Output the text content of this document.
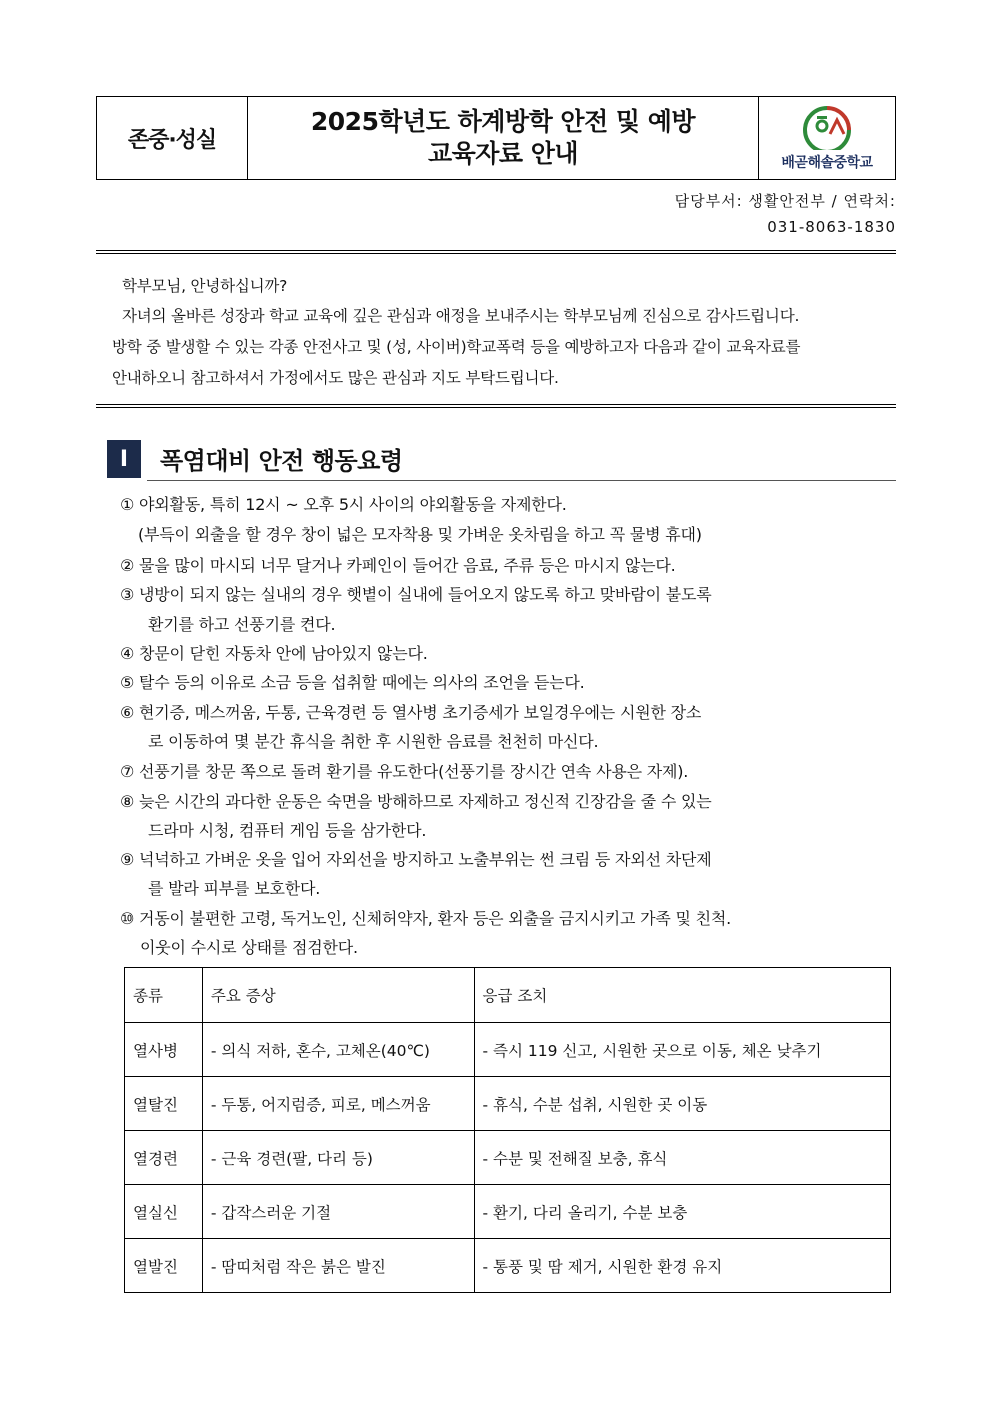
존중·성실
2025학년도 하계방학 안전 및 예방
교육자료 안내	배곧해솔중학교
담당부서: 생활안전부 / 연락처:
031-8063-1830
학부모님, 안녕하십니까?
자녀의 올바른 성장과 학교 교육에 깊은 관심과 애정을 보내주시는 학부모님께 진심으로 감사드립니다.
방학 중 발생할 수 있는 각종 안전사고 및 (성, 사이버)학교폭력 등을 예방하고자 다음과 같이 교육자료를
안내하오니 참고하셔서 가정에서도 많은 관심과 지도 부탁드립니다.
Ⅰ	폭염대비 안전 행동요령
① 야외활동, 특히 12시 ~ 오후 5시 사이의 야외활동을 자제한다.
(부득이 외출을 할 경우 창이 넓은 모자착용 및 가벼운 옷차림을 하고 꼭 물병 휴대)
② 물을 많이 마시되 너무 달거나 카페인이 들어간 음료, 주류 등은 마시지 않는다.
③ 냉방이 되지 않는 실내의 경우 햇볕이 실내에 들어오지 않도록 하고 맞바람이 불도록
환기를 하고 선풍기를 켠다.
④ 창문이 닫힌 자동차 안에 남아있지 않는다.
⑤ 탈수 등의 이유로 소금 등을 섭취할 때에는 의사의 조언을 듣는다.
⑥ 현기증, 메스꺼움, 두통, 근육경련 등 열사병 초기증세가 보일경우에는 시원한 장소
로 이동하여 몇 분간 휴식을 취한 후 시원한 음료를 천천히 마신다.
⑦ 선풍기를 창문 쪽으로 돌려 환기를 유도한다(선풍기를 장시간 연속 사용은 자제).
⑧ 늦은 시간의 과다한 운동은 숙면을 방해하므로 자제하고 정신적 긴장감을 줄 수 있는
드라마 시청, 컴퓨터 게임 등을 삼가한다.
⑨ 넉넉하고 가벼운 옷을 입어 자외선을 방지하고 노출부위는 썬 크림 등 자외선 차단제
를 발라 피부를 보호한다.
⑩ 거동이 불편한 고령, 독거노인, 신체허약자, 환자 등은 외출을 금지시키고 가족 및 친척.
이웃이 수시로 상태를 점검한다.
종류	주요 증상	응급 조치
열사병	- 의식 저하, 혼수, 고체온(40℃)	- 즉시 119 신고, 시원한 곳으로 이동, 체온 낮추기
열탈진	- 두통, 어지럼증, 피로, 메스꺼움	- 휴식, 수분 섭취, 시원한 곳 이동
열경련	- 근육 경련(팔, 다리 등)	- 수분 및 전해질 보충, 휴식
열실신	- 갑작스러운 기절	- 환기, 다리 올리기, 수분 보충
열발진	- 땀띠처럼 작은 붉은 발진	- 통풍 및 땀 제거, 시원한 환경 유지
